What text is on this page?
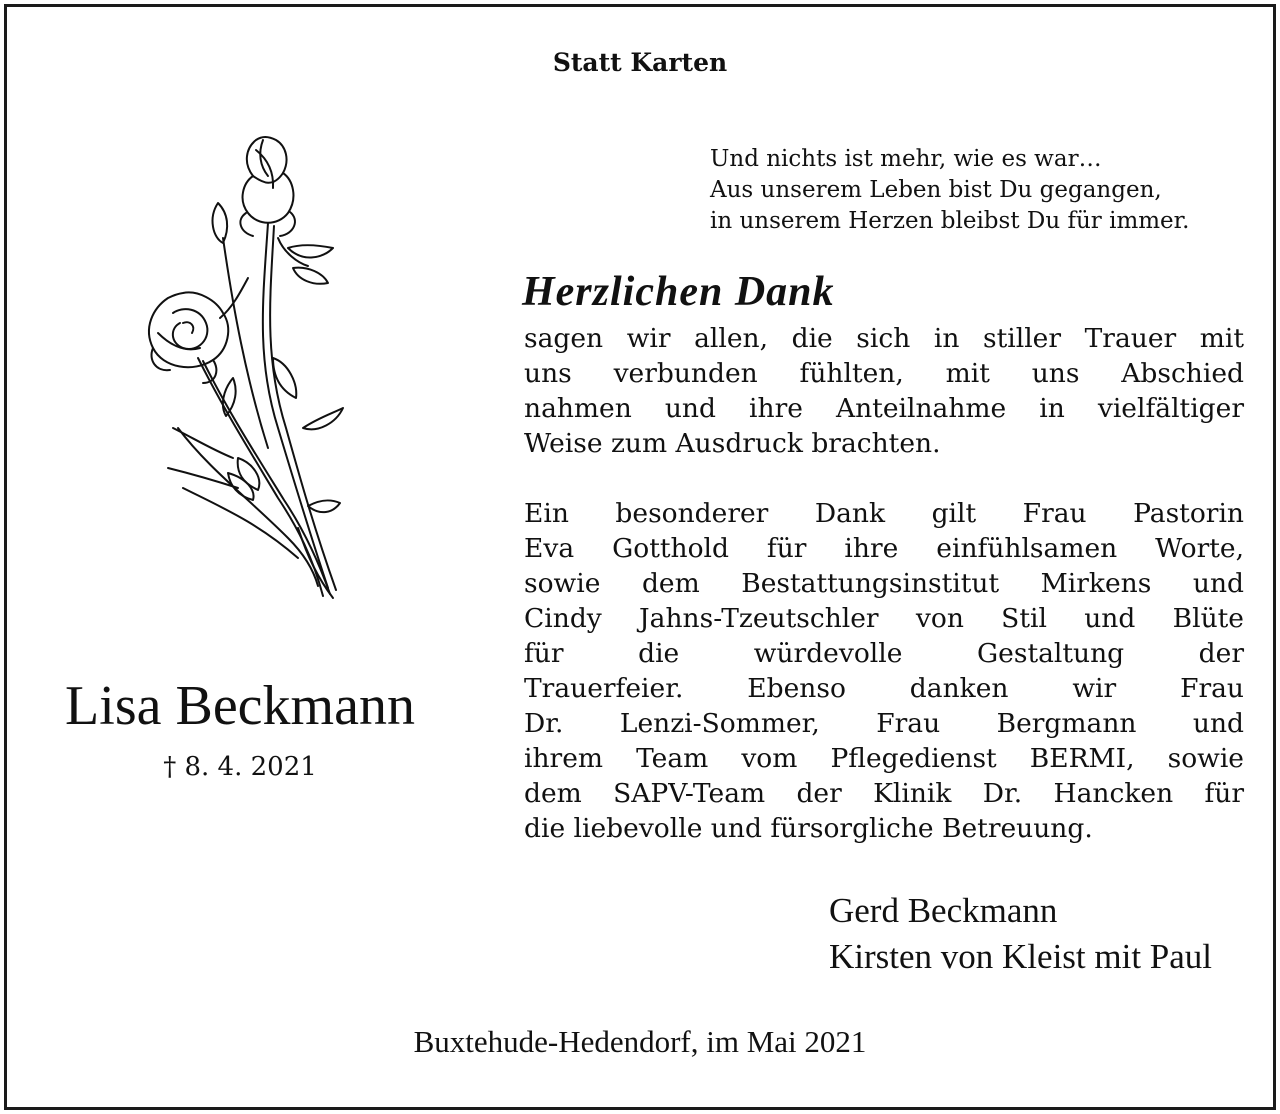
Statt Karten
Und nichts ist mehr, wie es war…
Aus unserem Leben bist Du gegangen,
in unserem Herzen bleibst Du für immer.
Herzlichen Dank
sagen wir allen, die sich in stiller Trauer mit
uns verbunden fühlten, mit uns Abschied
nahmen und ihre Anteilnahme in vielfältiger
Weise zum Ausdruck brachten.
Ein besonderer Dank gilt Frau Pastorin
Eva Gotthold für ihre einfühlsamen Worte,
sowie dem Bestattungsinstitut Mirkens und
Cindy Jahns-Tzeutschler von Stil und Blüte
für die würdevolle Gestaltung der
Trauerfeier. Ebenso danken wir Frau
Dr. Lenzi-Sommer, Frau Bergmann und
ihrem Team vom Pflegedienst BERMI, sowie
dem SAPV-Team der Klinik Dr. Hancken für
die liebevolle und fürsorgliche Betreuung.
Lisa Beckmann
† 8. 4. 2021
Gerd Beckmann
Kirsten von Kleist mit Paul
Buxtehude-Hedendorf, im Mai 2021
